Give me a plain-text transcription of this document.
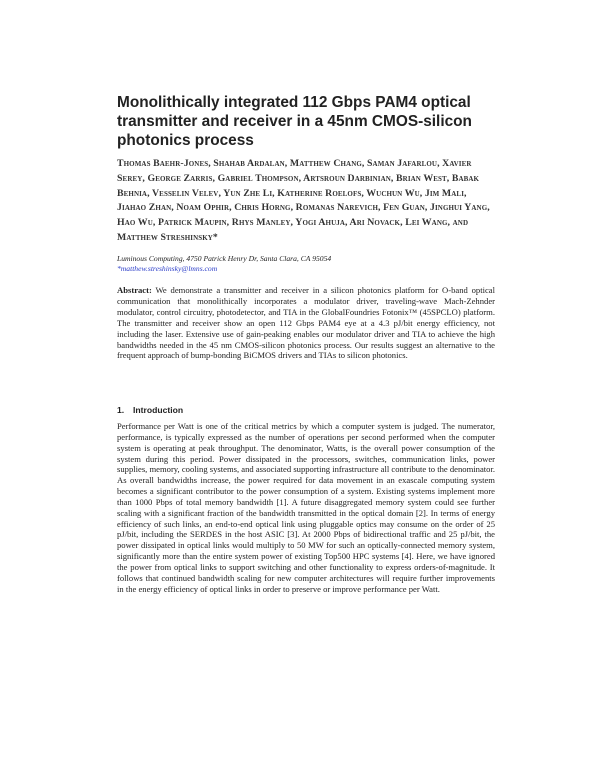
Monolithically integrated 112 Gbps PAM4 optical transmitter and receiver in a 45nm CMOS-silicon photonics process
Thomas Baehr-Jones, Shahab Ardalan, Matthew Chang, Saman Jafarlou, Xavier Serey, George Zarris, Gabriel Thompson, Artsroun Darbinian, Brian West, Babak Behnia, Vesselin Velev, Yun Zhe Li, Katherine Roelofs, Wuchun Wu, Jim Mali, Jiahao Zhan, Noam Ophir, Chris Horng, Romanas Narevich, Fen Guan, Jinghui Yang, Hao Wu, Patrick Maupin, Rhys Manley, Yogi Ahuja, Ari Novack, Lei Wang, and Matthew Streshinsky*
Luminous Computing, 4750 Patrick Henry Dr, Santa Clara, CA 95054
*matthew.streshinsky@lmns.com
Abstract: We demonstrate a transmitter and receiver in a silicon photonics platform for O-band optical communication that monolithically incorporates a modulator driver, traveling-wave Mach-Zehnder modulator, control circuitry, photodetector, and TIA in the GlobalFoundries Fotonix™ (45SPCLO) platform. The transmitter and receiver show an open 112 Gbps PAM4 eye at a 4.3 pJ/bit energy efficiency, not including the laser. Extensive use of gain-peaking enables our modulator driver and TIA to achieve the high bandwidths needed in the 45 nm CMOS-silicon photonics process. Our results suggest an alternative to the frequent approach of bump-bonding BiCMOS drivers and TIAs to silicon photonics.
1. Introduction
Performance per Watt is one of the critical metrics by which a computer system is judged. The numerator, performance, is typically expressed as the number of operations per second performed when the computer system is operating at peak throughput. The denominator, Watts, is the overall power consumption of the system during this period. Power dissipated in the processors, switches, communication links, power supplies, memory, cooling systems, and associated supporting infrastructure all contribute to the denominator. As overall bandwidths increase, the power required for data movement in an exascale computing system becomes a significant contributor to the power consumption of a system. Existing systems implement more than 1000 Pbps of total memory bandwidth [1]. A future disaggregated memory system could see further scaling with a significant fraction of the bandwidth transmitted in the optical domain [2]. In terms of energy efficiency of such links, an end-to-end optical link using pluggable optics may consume on the order of 25 pJ/bit, including the SERDES in the host ASIC [3]. At 2000 Pbps of bidirectional traffic and 25 pJ/bit, the power dissipated in optical links would multiply to 50 MW for such an optically-connected memory system, significantly more than the entire system power of existing Top500 HPC systems [4]. Here, we have ignored the power from optical links to support switching and other functionality to express orders-of-magnitude. It follows that continued bandwidth scaling for new computer architectures will require further improvements in the energy efficiency of optical links in order to preserve or improve performance per Watt.
